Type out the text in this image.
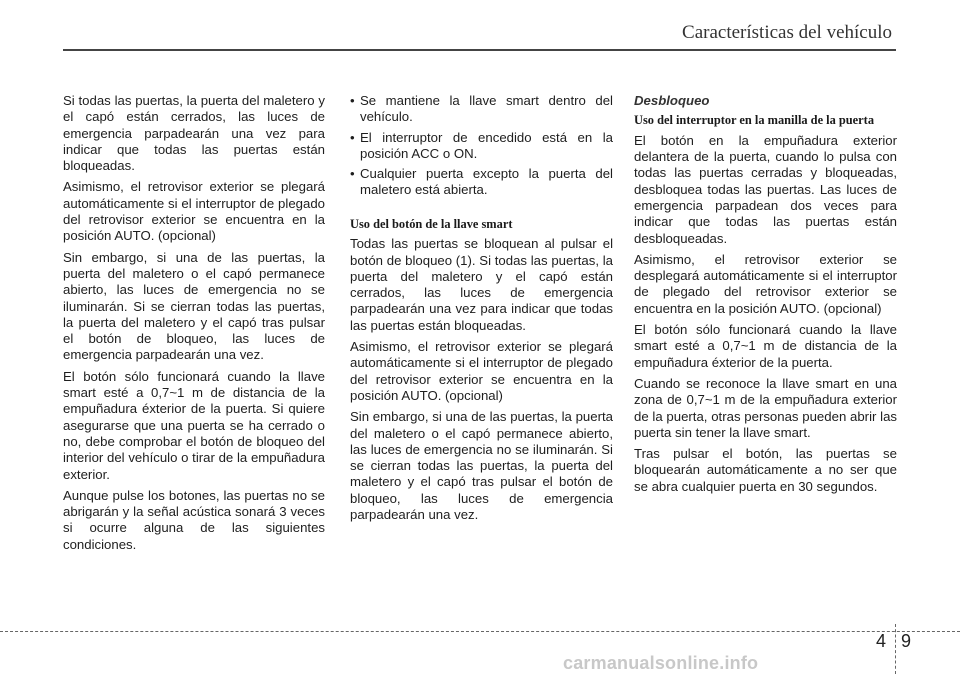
Características del vehículo

Si todas las puertas, la puerta del maletero y el capó están cerrados, las luces de emergencia parpadearán una vez para indicar que todas las puertas están bloqueadas.

Asimismo, el retrovisor exterior se plegará automáticamente si el interruptor de plegado del retrovisor exterior se encuentra en la posición AUTO. (opcional)

Sin embargo, si una de las puertas, la puerta del maletero o el capó permanece abierto, las luces de emergencia no se iluminarán. Si se cierran todas las puertas, la puerta del maletero y el capó tras pulsar el botón de bloqueo, las luces de emergencia parpadearán una vez.

El botón sólo funcionará cuando la llave smart esté a 0,7~1 m de distancia de la empuñadura éxterior de la puerta. Si quiere asegurarse que una puerta se ha cerrado o no, debe comprobar el botón de bloqueo del interior del vehículo o tirar de la empuñadura exterior.

Aunque pulse los botones, las puertas no se abrigarán y la señal acústica sonará 3 veces si ocurre alguna de las siguientes condiciones.

• Se mantiene la llave smart dentro del vehículo.
• El interruptor de encedido está en la posición ACC o ON.
• Cualquier puerta excepto la puerta del maletero está abierta.
Uso del botón de la llave smart

Todas las puertas se bloquean al pulsar el botón de bloqueo (1). Si todas las puertas, la puerta del maletero y el capó están cerrados, las luces de emergencia parpadearán una vez para indicar que todas las puertas están bloqueadas.

Asimismo, el retrovisor exterior se plegará automáticamente si el interruptor de plegado del retrovisor exterior se encuentra en la posición AUTO. (opcional)

Sin embargo, si una de las puertas, la puerta del maletero o el capó permanece abierto, las luces de emergencia no se iluminarán. Si se cierran todas las puertas, la puerta del maletero y el capó tras pulsar el botón de bloqueo, las luces de emergencia parpadearán una vez.

Desbloqueo
Uso del interruptor en la manilla de la puerta

El botón en la empuñadura exterior delantera de la puerta, cuando lo pulsa con todas las puertas cerradas y bloqueadas, desbloquea todas las puertas. Las luces de emergencia parpadean dos veces para indicar que todas las puertas están desbloqueadas.

Asimismo, el retrovisor exterior se desplegará automáticamente si el interruptor de plegado del retrovisor exterior se encuentra en la posición AUTO. (opcional)

El botón sólo funcionará cuando la llave smart esté a 0,7~1 m de distancia de la empuñadura éxterior de la puerta.

Cuando se reconoce la llave smart en una zona de 0,7~1 m de la empuñadura exterior de la puerta, otras personas pueden abrir las puerta sin tener la llave smart.

Tras pulsar el botón, las puertas se bloquearán automáticamente a no ser que se abra cualquier puerta en 30 segundos.

4 9
carmanualsonline.info
